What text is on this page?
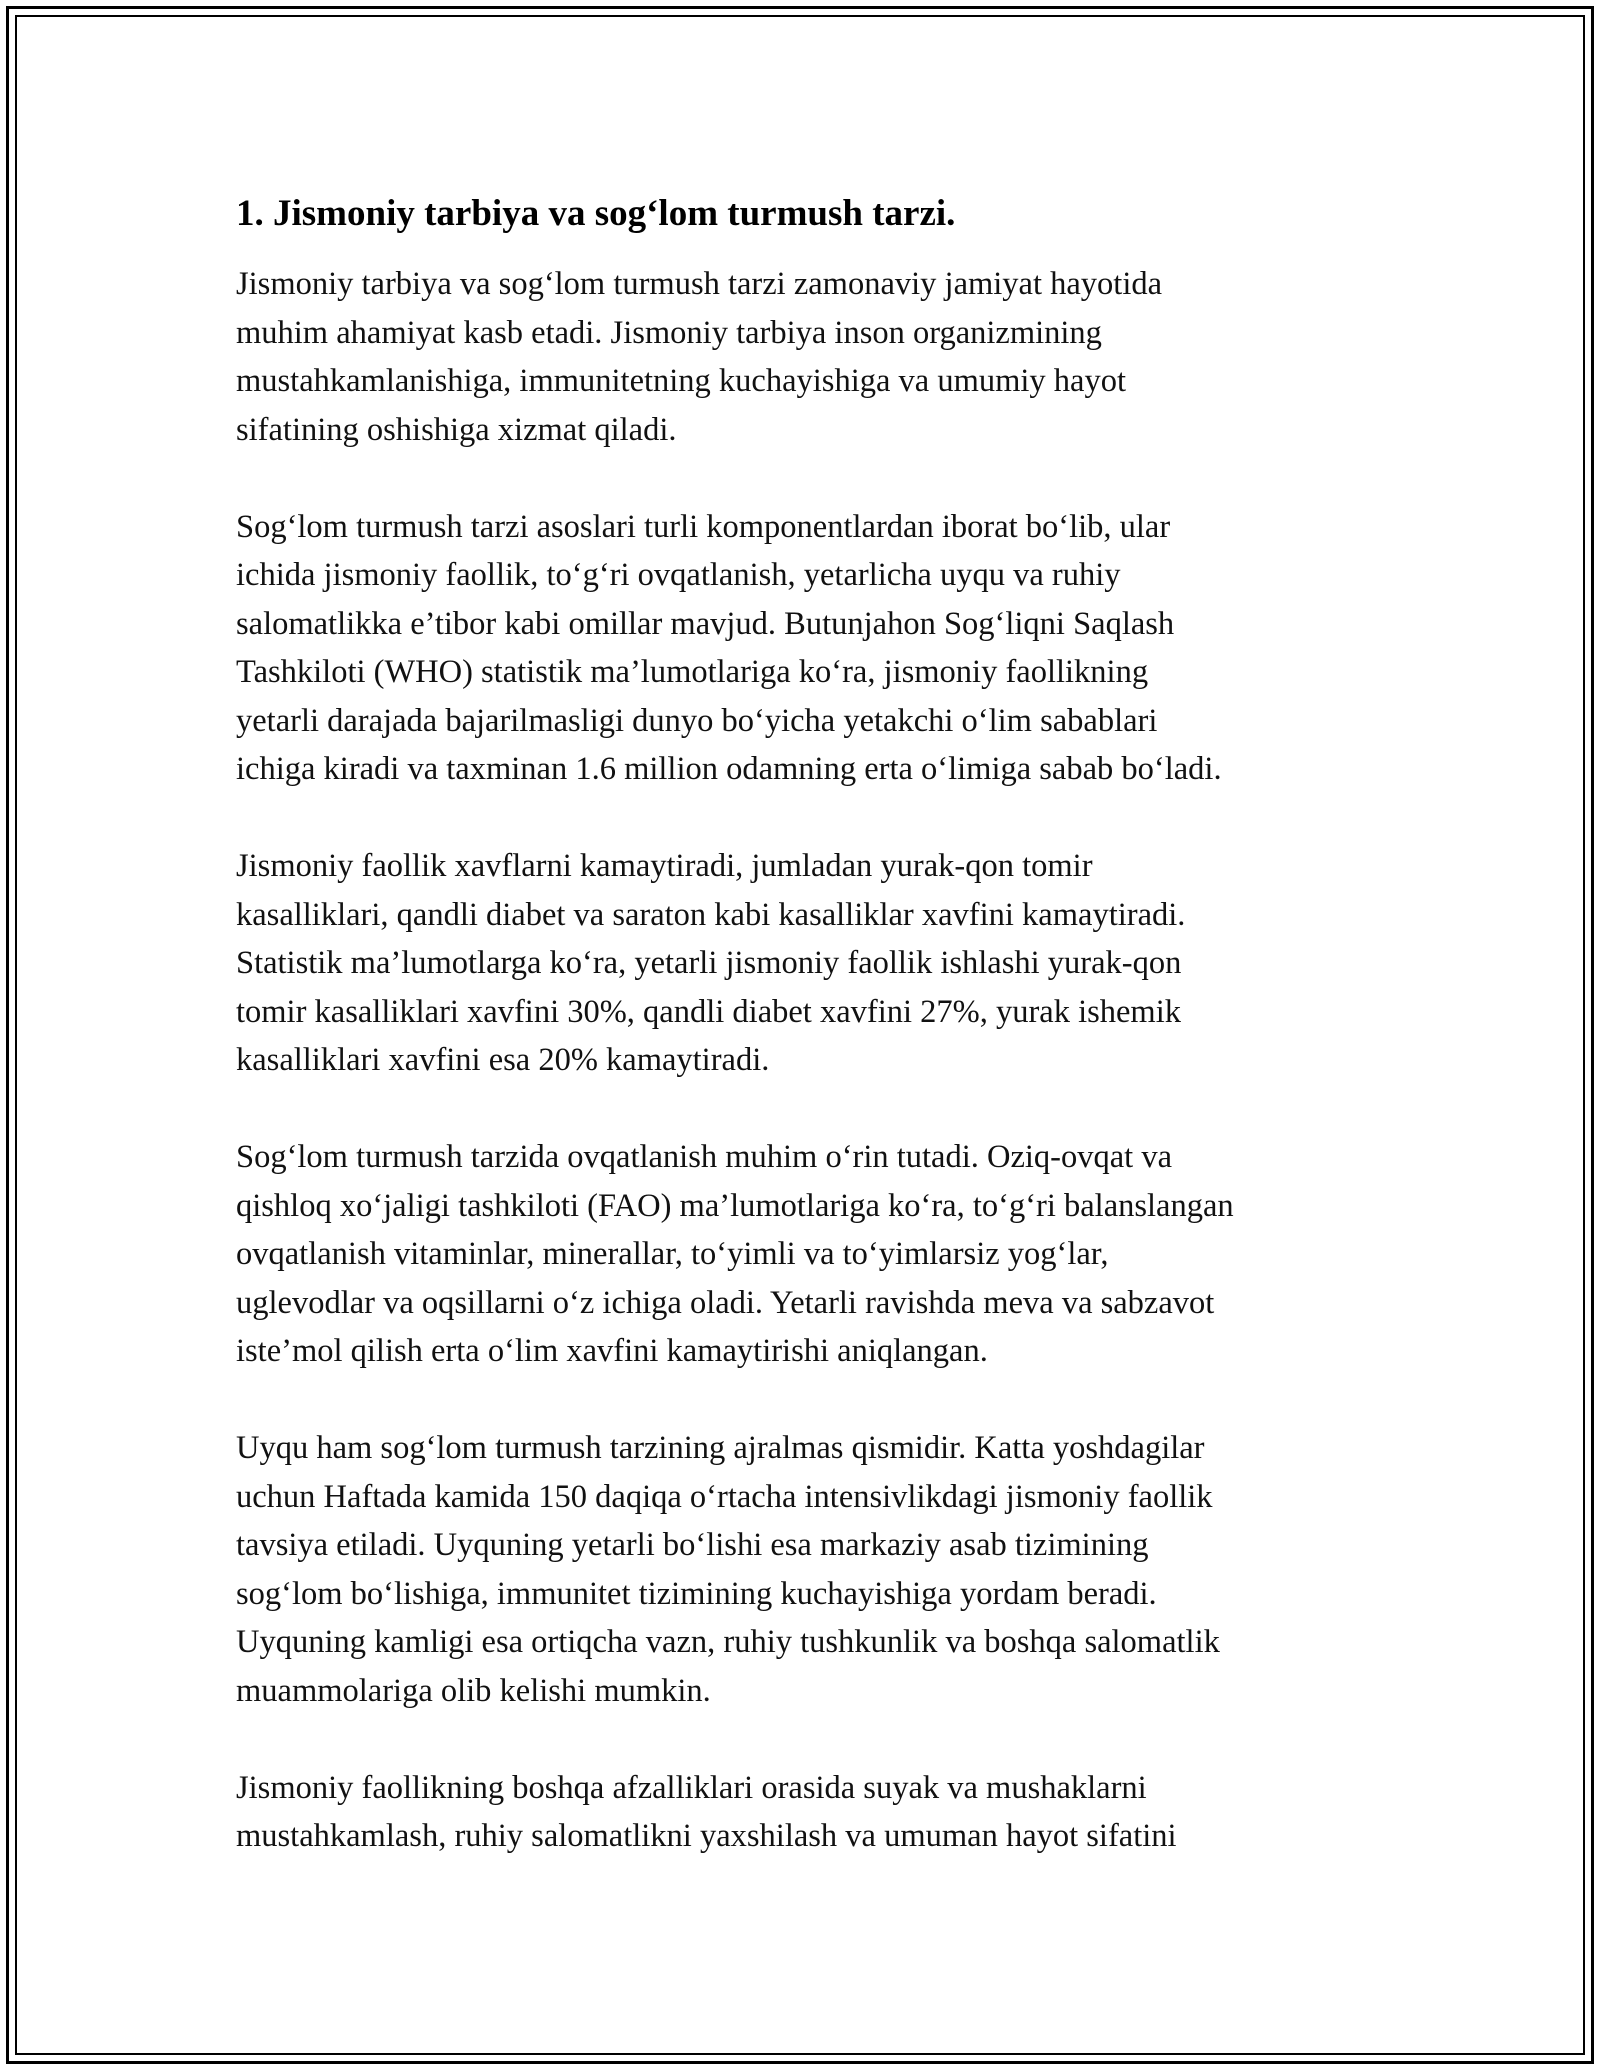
1. Jismoniy tarbiya va sog‘lom turmush tarzi.

Jismoniy tarbiya va sog‘lom turmush tarzi zamonaviy jamiyat hayotida
muhim ahamiyat kasb etadi. Jismoniy tarbiya inson organizmining
mustahkamlanishiga, immunitetning kuchayishiga va umumiy hayot
sifatining oshishiga xizmat qiladi.

Sog‘lom turmush tarzi asoslari turli komponentlardan iborat bo‘lib, ular
ichida jismoniy faollik, to‘g‘ri ovqatlanish, yetarlicha uyqu va ruhiy
salomatlikka e’tibor kabi omillar mavjud. Butunjahon Sog‘liqni Saqlash
Tashkiloti (WHO) statistik ma’lumotlariga ko‘ra, jismoniy faollikning
yetarli darajada bajarilmasligi dunyo bo‘yicha yetakchi o‘lim sabablari
ichiga kiradi va taxminan 1.6 million odamning erta o‘limiga sabab bo‘ladi.

Jismoniy faollik xavflarni kamaytiradi, jumladan yurak-qon tomir
kasalliklari, qandli diabet va saraton kabi kasalliklar xavfini kamaytiradi.
Statistik ma’lumotlarga ko‘ra, yetarli jismoniy faollik ishlashi yurak-qon
tomir kasalliklari xavfini 30%, qandli diabet xavfini 27%, yurak ishemik
kasalliklari xavfini esa 20% kamaytiradi.

Sog‘lom turmush tarzida ovqatlanish muhim o‘rin tutadi. Oziq-ovqat va
qishloq xo‘jaligi tashkiloti (FAO) ma’lumotlariga ko‘ra, to‘g‘ri balanslangan
ovqatlanish vitaminlar, minerallar, to‘yimli va to‘yimlarsiz yog‘lar,
uglevodlar va oqsillarni o‘z ichiga oladi. Yetarli ravishda meva va sabzavot
iste’mol qilish erta o‘lim xavfini kamaytirishi aniqlangan.

Uyqu ham sog‘lom turmush tarzining ajralmas qismidir. Katta yoshdagilar
uchun Haftada kamida 150 daqiqa o‘rtacha intensivlikdagi jismoniy faollik
tavsiya etiladi. Uyquning yetarli bo‘lishi esa markaziy asab tizimining
sog‘lom bo‘lishiga, immunitet tizimining kuchayishiga yordam beradi.
Uyquning kamligi esa ortiqcha vazn, ruhiy tushkunlik va boshqa salomatlik
muammolariga olib kelishi mumkin.

Jismoniy faollikning boshqa afzalliklari orasida suyak va mushaklarni
mustahkamlash, ruhiy salomatlikni yaxshilash va umuman hayot sifatini
